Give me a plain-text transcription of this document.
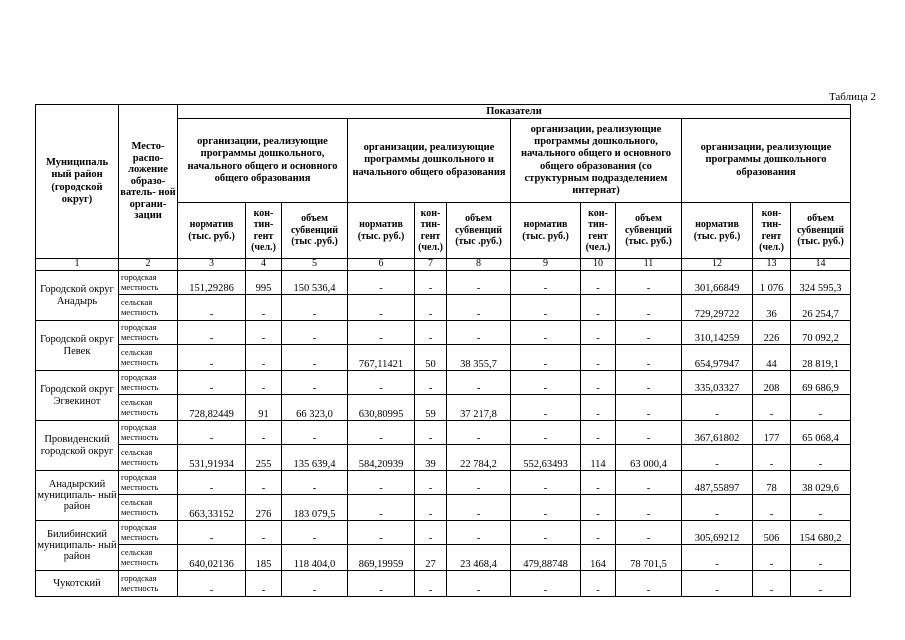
Таблица 2
Муниципаль ный район (городской округ)	Место- распо- ложение образо- ватель- ной органи- зации	Показатели											
		организации, реализующие программы дошкольного, начального общего и основного общего образования			организации, реализующие программы дошкольного и начального общего образования			организации, реализующие программы дошкольного, начального общего и основного общего образования (со структурным подразделением интернат)			организации, реализующие программы дошкольного образования		
		норматив (тыс. руб.)	кон- тин- гент (чел.)	объем субвенций (тыс .руб.)	норматив (тыс. руб.)	кон- тин- гент (чел.)	объем субвенций (тыс .руб.)	норматив (тыс. руб.)	кон- тин- гент (чел.)	объем субвенций (тыс. руб.)	норматив (тыс. руб.)	кон- тин- гент (чел.)	объем субвенций (тыс. руб.)
1	2	3	4	5	6	7	8	9	10	11	12	13	14
Городской округ Анадырь	городская местность	151,29286	995	150 536,4	-	-	-	-	-	-	301,66849	1 076	324 595,3
	сельская местность	-	-	-	-	-	-	-	-	-	729,29722	36	26 254,7
Городской округ Певек	городская местность	-	-	-	-	-	-	-	-	-	310,14259	226	70 092,2
	сельская местность	-	-	-	767,11421	50	38 355,7	-	-	-	654,97947	44	28 819,1
Городской округ Эгвекинот	городская местность	-	-	-	-	-	-	-	-	-	335,03327	208	69 686,9
	сельская местность	728,82449	91	66 323,0	630,80995	59	37 217,8	-	-	-	-	-	-
Провиденский городской округ	городская местность	-	-	-	-	-	-	-	-	-	367,61802	177	65 068,4
	сельская местность	531,91934	255	135 639,4	584,20939	39	22 784,2	552,63493	114	63 000,4	-	-	-
Анадырский муниципаль- ный район	городская местность	-	-	-	-	-	-	-	-	-	487,55897	78	38 029,6
	сельская местность	663,33152	276	183 079,5	-	-	-	-	-	-	-	-	-
Билибинский муниципаль- ный район	городская местность	-	-	-	-	-	-	-	-	-	305,69212	506	154 680,2
	сельская местность	640,02136	185	118 404,0	869,19959	27	23 468,4	479,88748	164	78 701,5	-	-	-
Чукотский	городская местность	-	-	-	-	-	-	-	-	-	-	-	-
